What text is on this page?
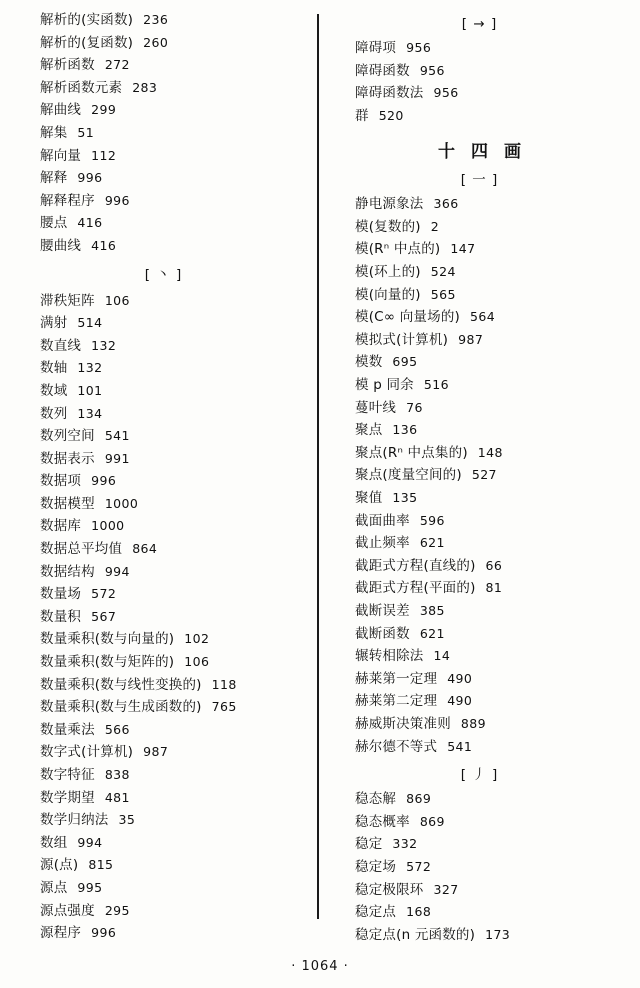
解析的(实函数) 236
解析的(复函数) 260
解析函数 272
解析函数元素 283
解曲线 299
解集 51
解向量 112
解释 996
解释程序 996
腰点 416
腰曲线 416
[ 丶 ]
滞秩矩阵 106
满射 514
数直线 132
数轴 132
数域 101
数列 134
数列空间 541
数据表示 991
数据项 996
数据模型 1000
数据库 1000
数据总平均值 864
数据结构 994
数量场 572
数量积 567
数量乘积(数与向量的) 102
数量乘积(数与矩阵的) 106
数量乘积(数与线性变换的) 118
数量乘积(数与生成函数的) 765
数量乘法 566
数字式(计算机) 987
数字特征 838
数学期望 481
数学归纳法 35
数组 994
源(点) 815
源点 995
源点强度 295
源程序 996
[ → ]
障碍项 956
障碍函数 956
障碍函数法 956
群 520
十四画
[ 一 ]
静电源象法 366
模(复数的) 2
模(Rⁿ 中点的) 147
模(环上的) 524
模(向量的) 565
模(C∞ 向量场的) 564
模拟式(计算机) 987
模数 695
模 p 同余 516
蔓叶线 76
聚点 136
聚点(Rⁿ 中点集的) 148
聚点(度量空间的) 527
聚值 135
截面曲率 596
截止频率 621
截距式方程(直线的) 66
截距式方程(平面的) 81
截断误差 385
截断函数 621
辗转相除法 14
赫莱第一定理 490
赫莱第二定理 490
赫威斯决策准则 889
赫尔德不等式 541
[ 丿 ]
稳态解 869
稳态概率 869
稳定 332
稳定场 572
稳定极限环 327
稳定点 168
稳定点(n 元函数的) 173
· 1064 ·
